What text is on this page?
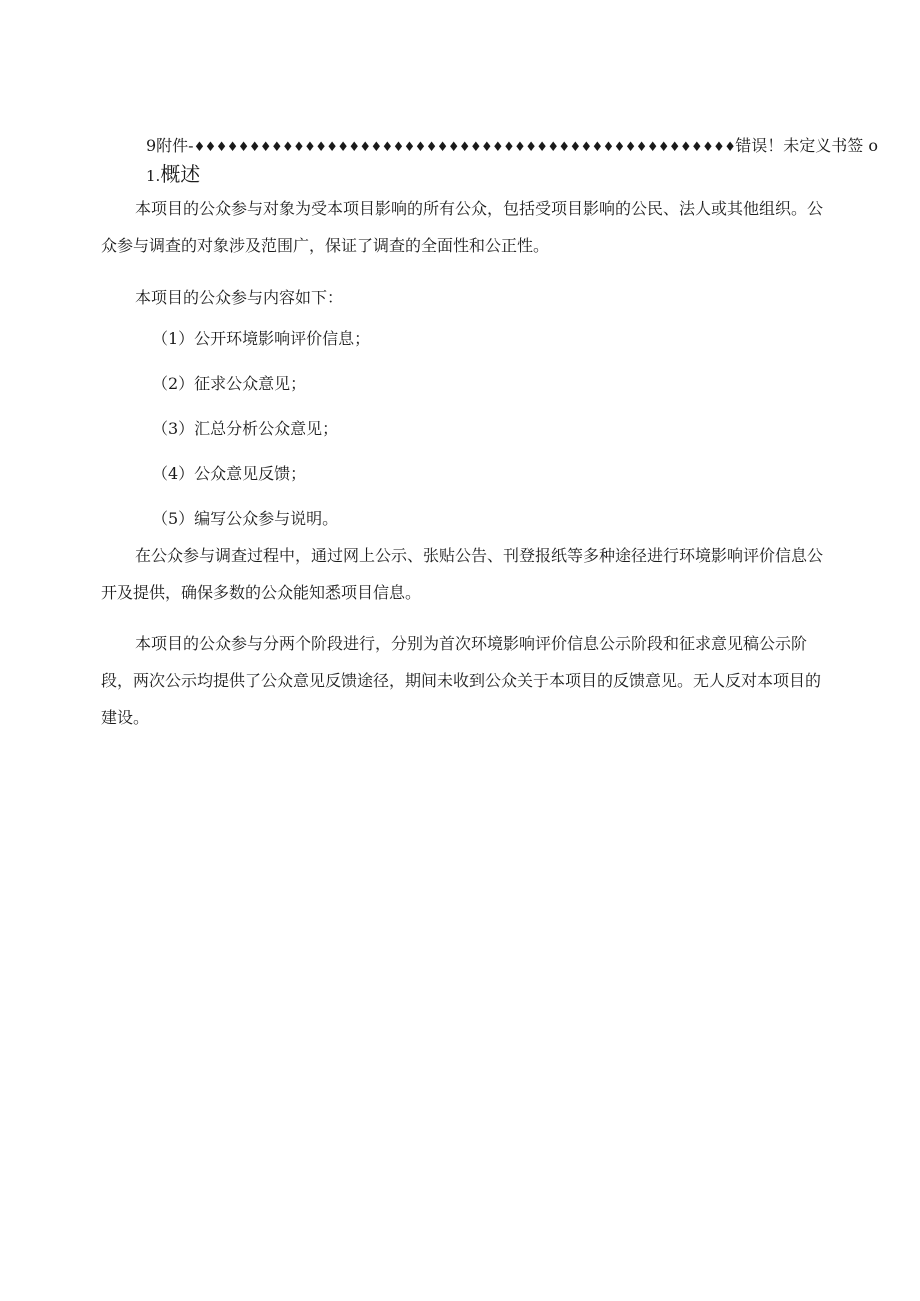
9附件-♦♦♦♦♦♦♦♦♦♦♦♦♦♦♦♦♦♦♦♦♦♦♦♦♦♦♦♦♦♦♦♦♦♦♦♦♦♦♦♦♦♦♦♦♦♦♦♦♦错误！未定义书签 o
1.概述

本项目的公众参与对象为受本项目影响的所有公众，包括受项目影响的公民、法人或其他组织。公众参与调查的对象涉及范围广，保证了调查的全面性和公正性。

本项目的公众参与内容如下：

（1）公开环境影响评价信息；
（2）征求公众意见；
（3）汇总分析公众意见；
（4）公众意见反馈；
（5）编写公众参与说明。

在公众参与调查过程中，通过网上公示、张贴公告、刊登报纸等多种途径进行环境影响评价信息公开及提供，确保多数的公众能知悉项目信息。

本项目的公众参与分两个阶段进行，分别为首次环境影响评价信息公示阶段和征求意见稿公示阶段，两次公示均提供了公众意见反馈途径，期间未收到公众关于本项目的反馈意见。无人反对本项目的建设。
